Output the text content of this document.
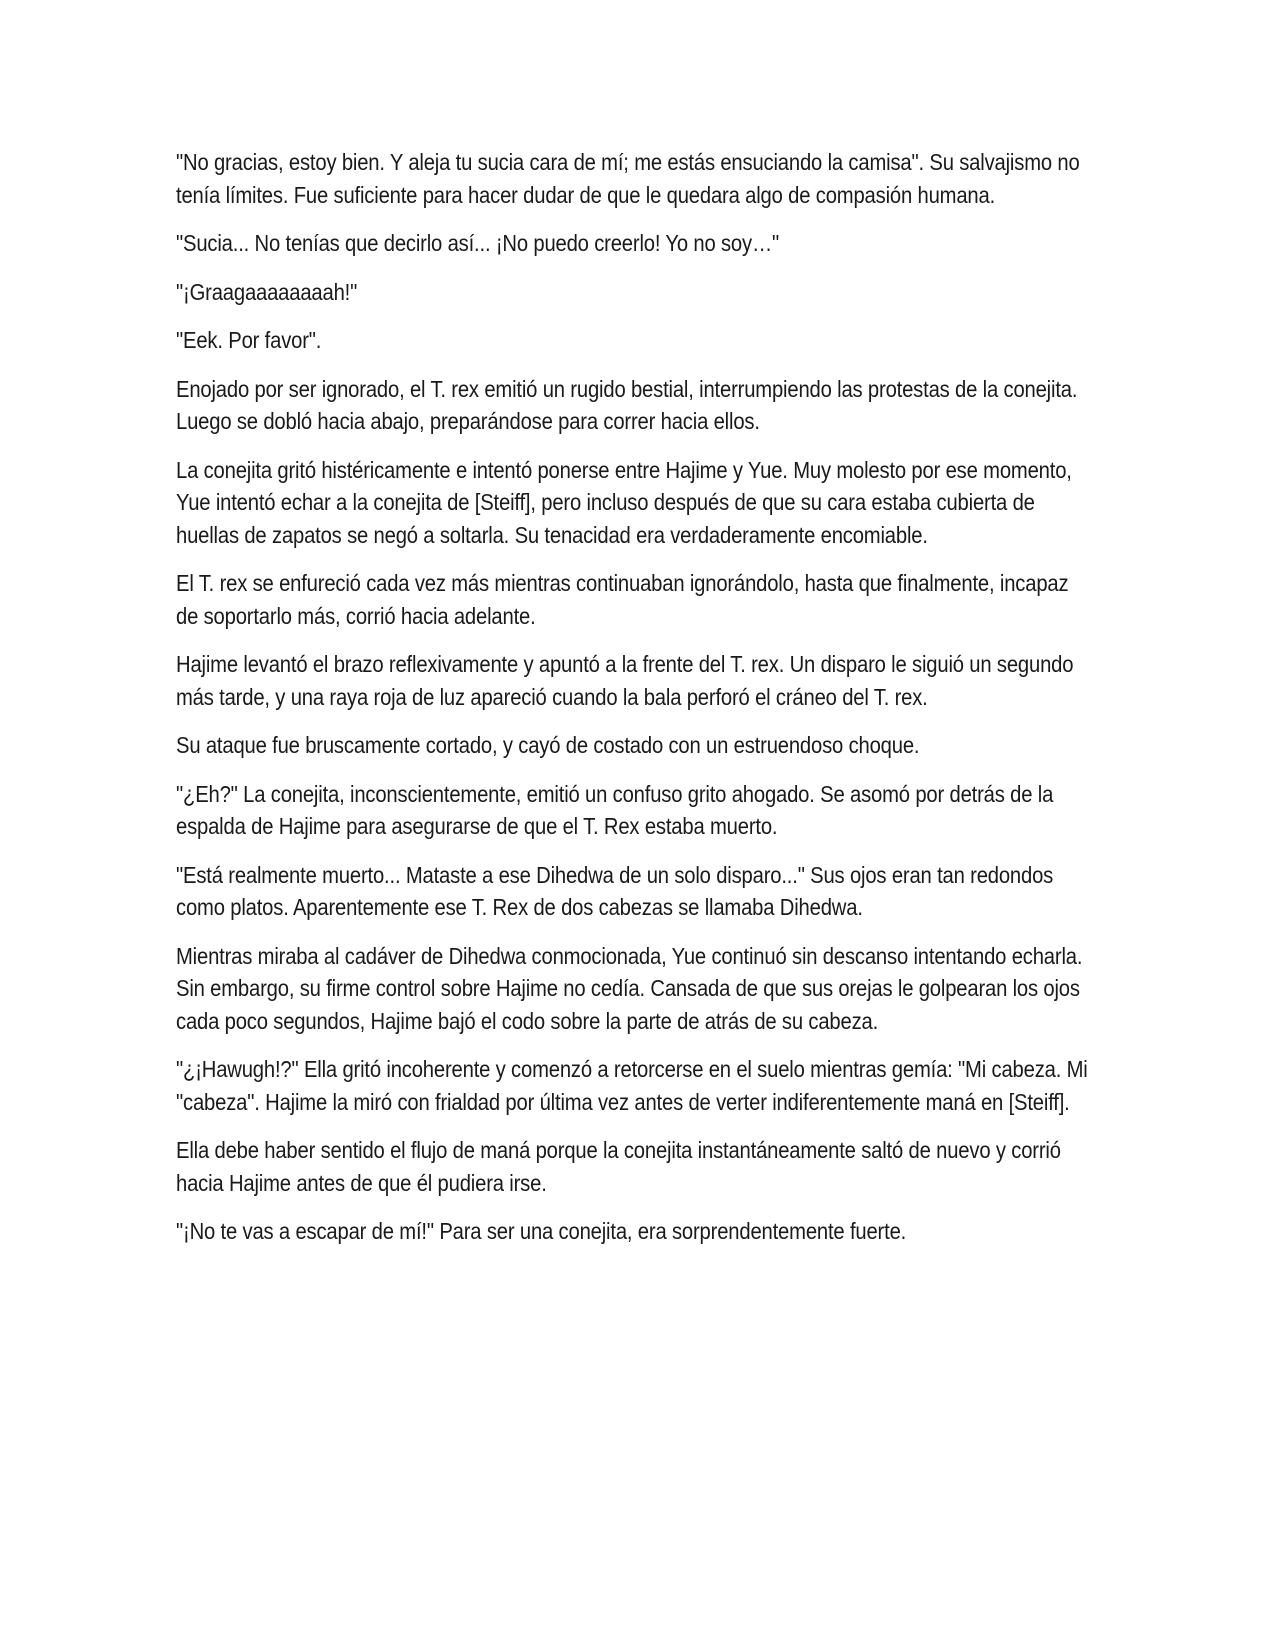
"No gracias, estoy bien. Y aleja tu sucia cara de mí; me estás ensuciando la camisa". Su salvajismo no tenía límites. Fue suficiente para hacer dudar de que le quedara algo de compasión humana.

"Sucia... No tenías que decirlo así... ¡No puedo creerlo! Yo no soy…"

"¡Graagaaaaaaaah!"

"Eek. Por favor".

Enojado por ser ignorado, el T. rex emitió un rugido bestial, interrumpiendo las protestas de la conejita. Luego se dobló hacia abajo, preparándose para correr hacia ellos.

La conejita gritó histéricamente e intentó ponerse entre Hajime y Yue. Muy molesto por ese momento, Yue intentó echar a la conejita de [Steiff], pero incluso después de que su cara estaba cubierta de huellas de zapatos se negó a soltarla. Su tenacidad era verdaderamente encomiable.

El T. rex se enfureció cada vez más mientras continuaban ignorándolo, hasta que finalmente, incapaz de soportarlo más, corrió hacia adelante.

Hajime levantó el brazo reflexivamente y apuntó a la frente del T. rex. Un disparo le siguió un segundo más tarde, y una raya roja de luz apareció cuando la bala perforó el cráneo del T. rex.

Su ataque fue bruscamente cortado, y cayó de costado con un estruendoso choque.

"¿Eh?" La conejita, inconscientemente, emitió un confuso grito ahogado. Se asomó por detrás de la espalda de Hajime para asegurarse de que el T. Rex estaba muerto.

"Está realmente muerto... Mataste a ese Dihedwa de un solo disparo..." Sus ojos eran tan redondos como platos. Aparentemente ese T. Rex de dos cabezas se llamaba Dihedwa.

Mientras miraba al cadáver de Dihedwa conmocionada, Yue continuó sin descanso intentando echarla. Sin embargo, su firme control sobre Hajime no cedía. Cansada de que sus orejas le golpearan los ojos cada poco segundos, Hajime bajó el codo sobre la parte de atrás de su cabeza.

"¿¡Hawugh!?" Ella gritó incoherente y comenzó a retorcerse en el suelo mientras gemía: "Mi cabeza. Mi "cabeza". Hajime la miró con frialdad por última vez antes de verter indiferentemente maná en [Steiff].

Ella debe haber sentido el flujo de maná porque la conejita instantáneamente saltó de nuevo y corrió hacia Hajime antes de que él pudiera irse.

"¡No te vas a escapar de mí!" Para ser una conejita, era sorprendentemente fuerte.
